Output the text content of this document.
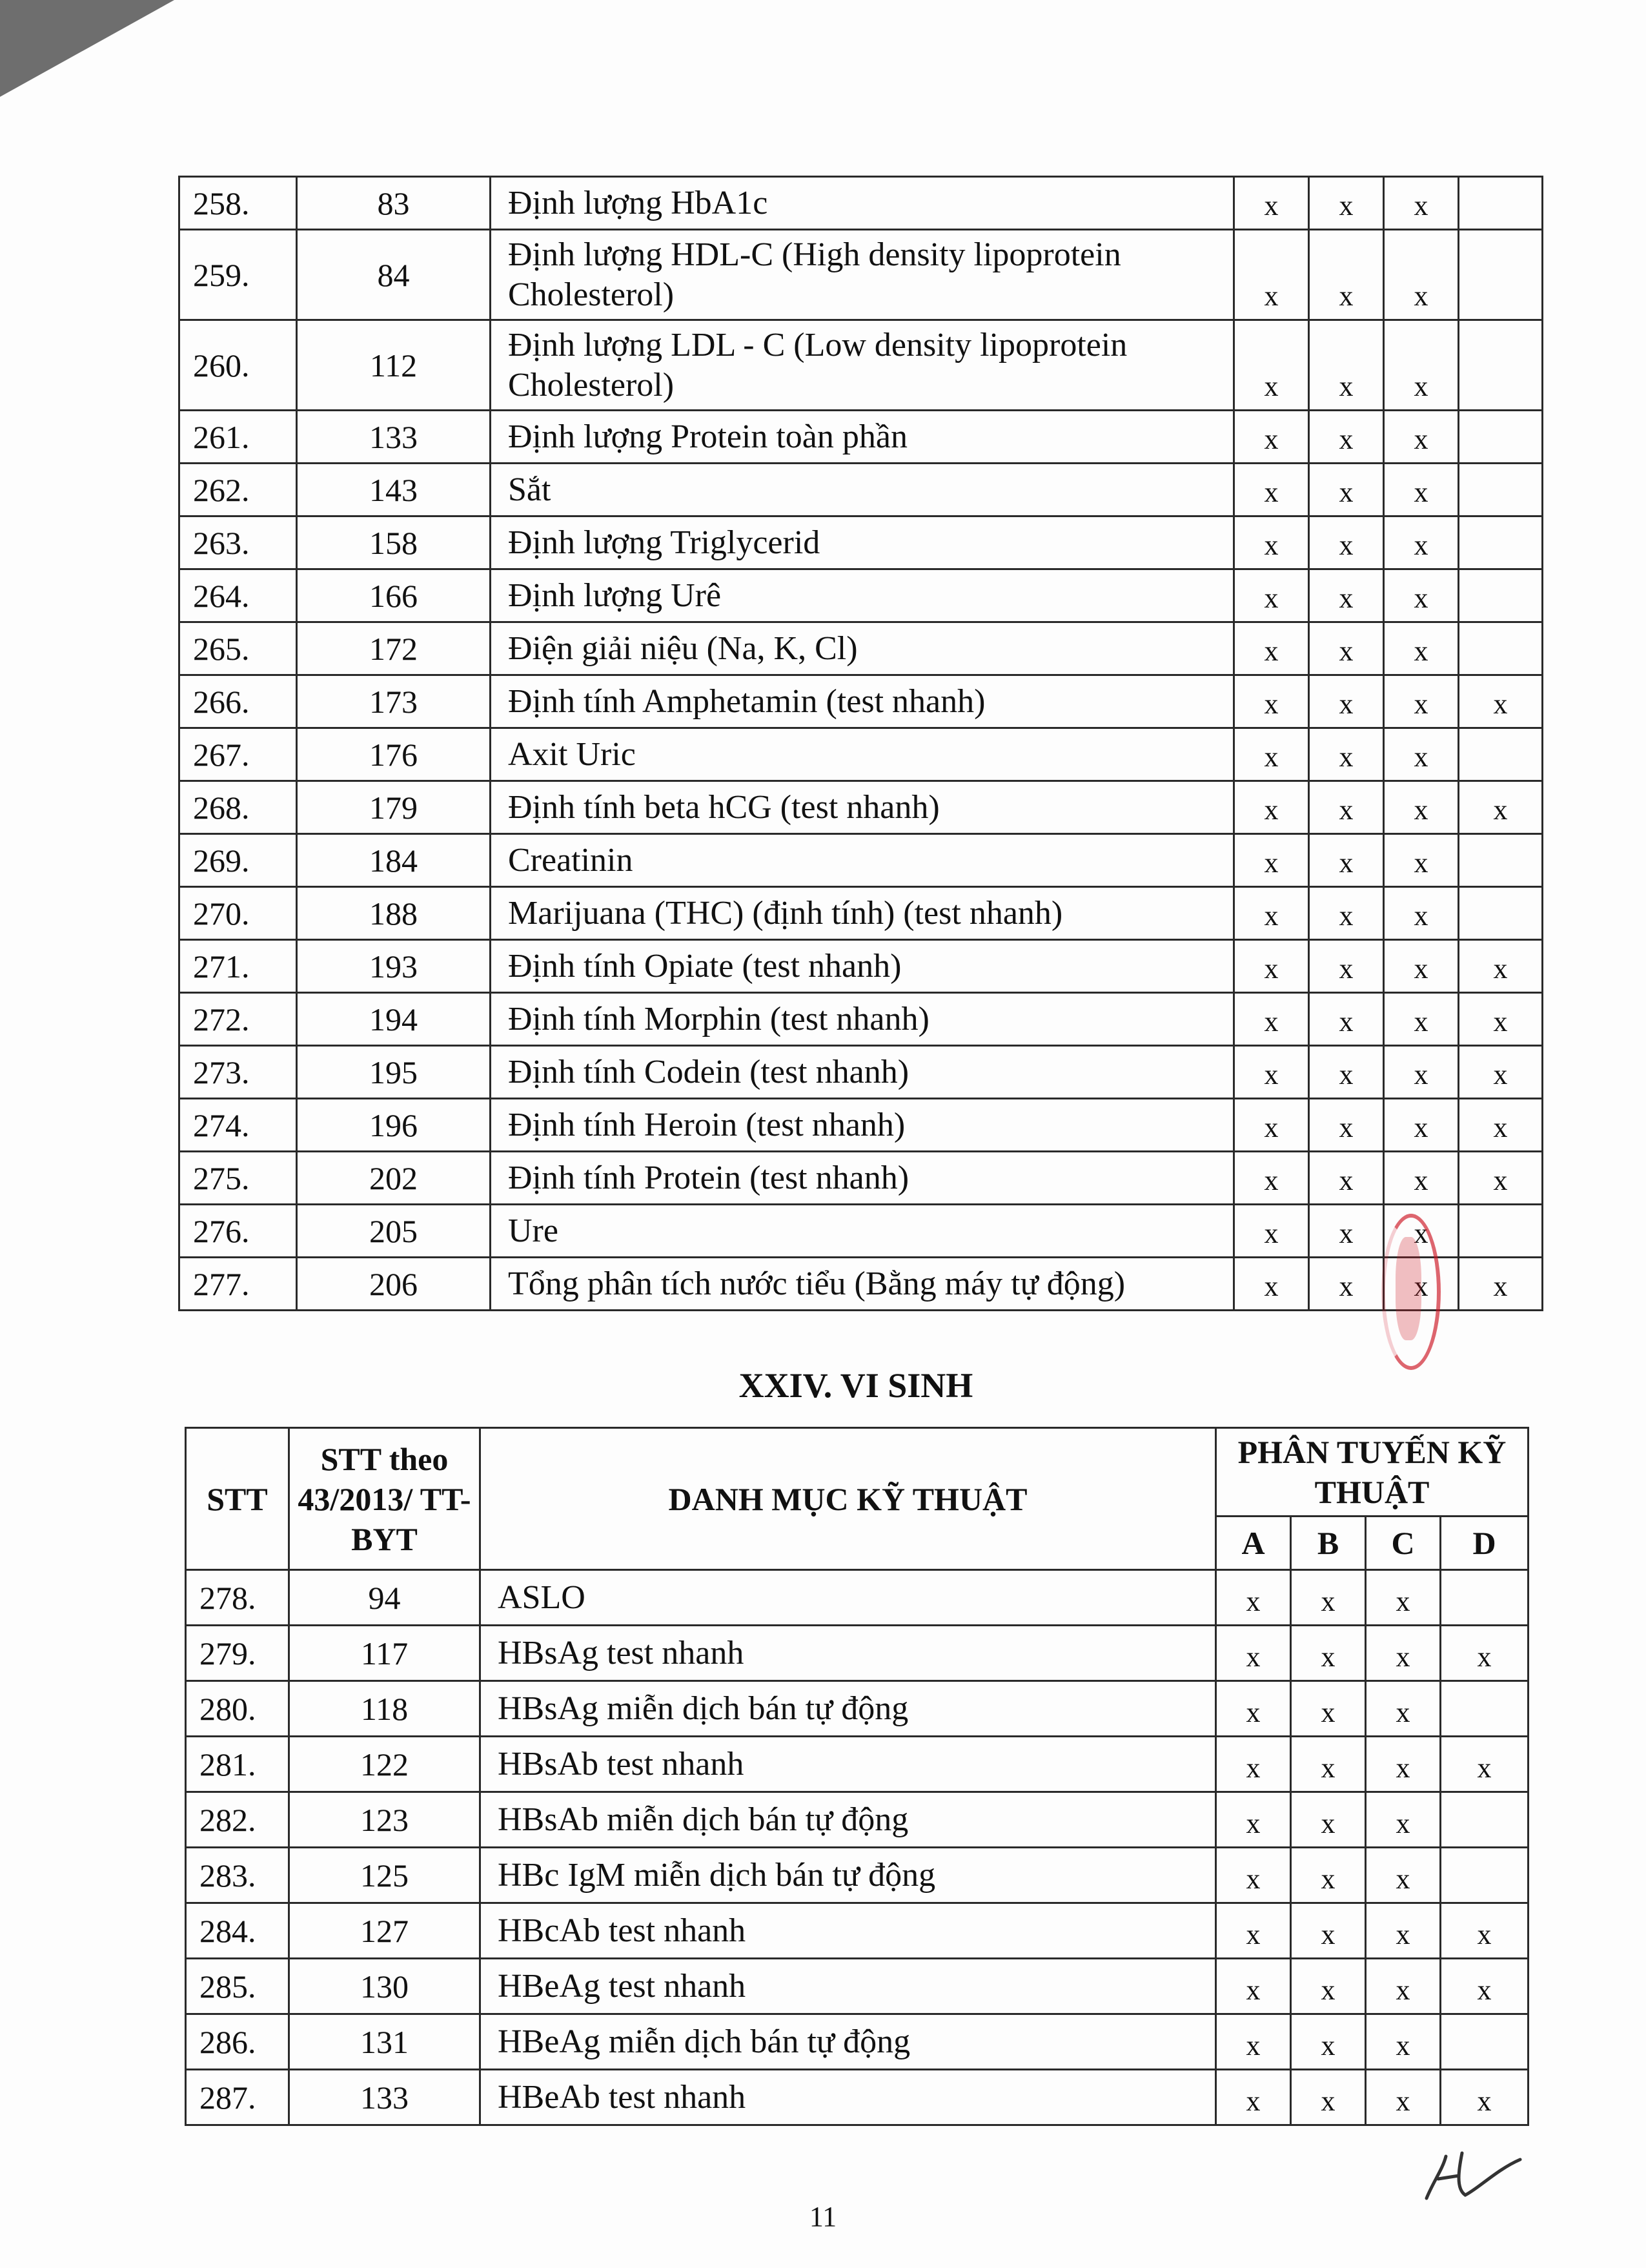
258.	83	Định lượng HbA1c	x	x	x	
259.	84	Định lượng HDL-C (High density lipoprotein Cholesterol)	x	x	x	
260.	112	Định lượng LDL - C (Low density lipoprotein Cholesterol)	x	x	x	
261.	133	Định lượng Protein toàn phần	x	x	x	
262.	143	Sắt	x	x	x	
263.	158	Định lượng Triglycerid	x	x	x	
264.	166	Định lượng Urê	x	x	x	
265.	172	Điện giải niệu (Na, K, Cl)	x	x	x	
266.	173	Định tính Amphetamin (test nhanh)	x	x	x	x
267.	176	Axit Uric	x	x	x	
268.	179	Định tính beta hCG (test nhanh)	x	x	x	x
269.	184	Creatinin	x	x	x	
270.	188	Marijuana (THC) (định tính) (test nhanh)	x	x	x	
271.	193	Định tính Opiate (test nhanh)	x	x	x	x
272.	194	Định tính Morphin (test nhanh)	x	x	x	x
273.	195	Định tính Codein (test nhanh)	x	x	x	x
274.	196	Định tính Heroin (test nhanh)	x	x	x	x
275.	202	Định tính Protein (test nhanh)	x	x	x	x
276.	205	Ure	x	x	x	
277.	206	Tổng phân tích nước tiểu (Bằng máy tự động)	x	x	x	x
XXIV. VI SINH
STT	STT theo 43/2013/ TT-BYT	DANH MỤC KỸ THUẬT	PHÂN TUYẾN KỸ THUẬT			
			A	B	C	D
278.	94	ASLO	x	x	x	
279.	117	HBsAg test nhanh	x	x	x	x
280.	118	HBsAg miễn dịch bán tự động	x	x	x	
281.	122	HBsAb test nhanh	x	x	x	x
282.	123	HBsAb miễn dịch bán tự động	x	x	x	
283.	125	HBc IgM miễn dịch bán tự động	x	x	x	
284.	127	HBcAb test nhanh	x	x	x	x
285.	130	HBeAg test nhanh	x	x	x	x
286.	131	HBeAg miễn dịch bán tự động	x	x	x	
287.	133	HBeAb test nhanh	x	x	x	x
11
